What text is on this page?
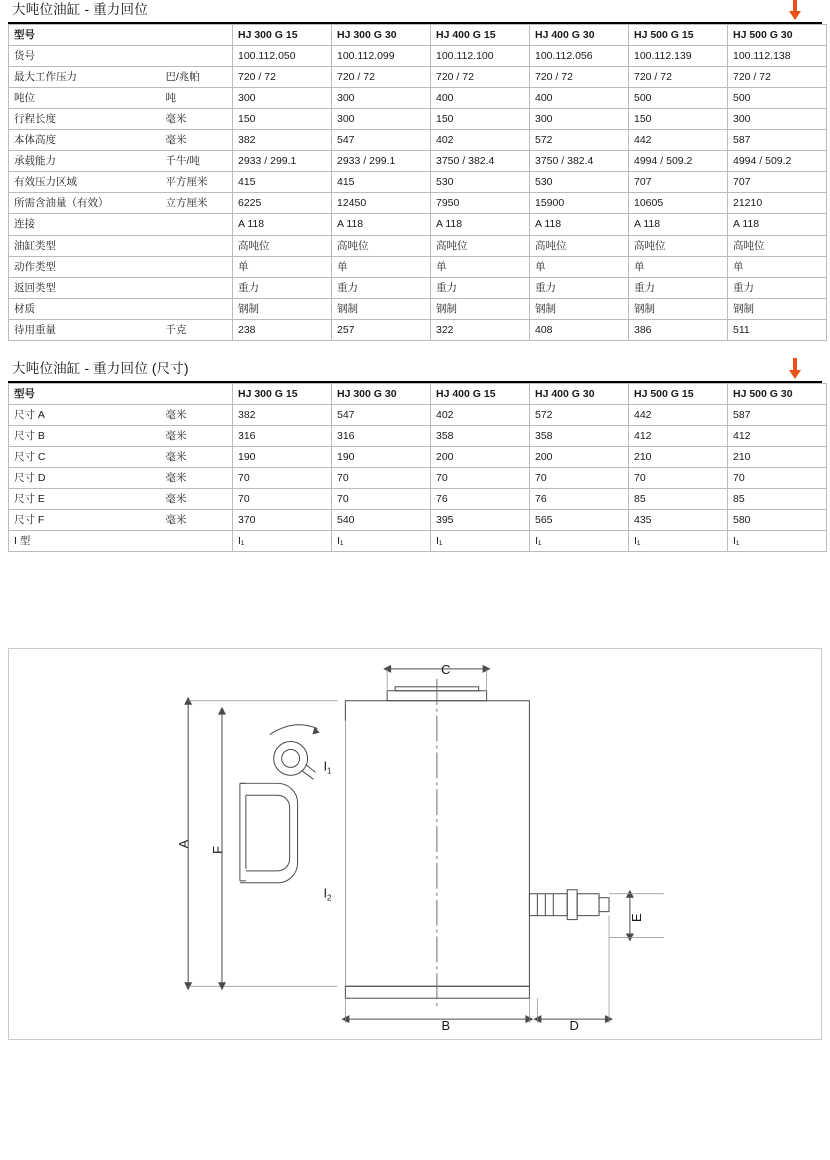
大吨位油缸 - 重力回位
型号		HJ 300 G 15	HJ 300 G 30	HJ 400 G 15	HJ 400 G 30	HJ 500 G 15	HJ 500 G 30
货号		100.112.050	100.112.099	100.112.100	100.112.056	100.112.139	100.112.138
最大工作压力	巴/兆帕	720 / 72	720 / 72	720 / 72	720 / 72	720 / 72	720 / 72
吨位	吨	300	300	400	400	500	500
行程长度	毫米	150	300	150	300	150	300
本体高度	毫米	382	547	402	572	442	587
承载能力	千牛/吨	2933 / 299.1	2933 / 299.1	3750 / 382.4	3750 / 382.4	4994 / 509.2	4994 / 509.2
有效压力区域	平方厘米	415	415	530	530	707	707
所需含油量（有效）	立方厘米	6225	12450	7950	15900	10605	21210
连接		A 118	A 118	A 118	A 118	A 118	A 118
油缸类型		高吨位	高吨位	高吨位	高吨位	高吨位	高吨位
动作类型		单	单	单	单	单	单
返回类型		重力	重力	重力	重力	重力	重力
材质		钢制	钢制	钢制	钢制	钢制	钢制
待用重量	千克	238	257	322	408	386	511
大吨位油缸 - 重力回位 (尺寸)
型号		HJ 300 G 15	HJ 300 G 30	HJ 400 G 15	HJ 400 G 30	HJ 500 G 15	HJ 500 G 30
尺寸 A	毫米	382	547	402	572	442	587
尺寸 B	毫米	316	316	358	358	412	412
尺寸 C	毫米	190	190	200	200	210	210
尺寸 D	毫米	70	70	70	70	70	70
尺寸 E	毫米	70	70	76	76	85	85
尺寸 F	毫米	370	540	395	565	435	580
I 型		I₁	I₁	I₁	I₁	I₁	I₁
C
B	D
A
F
E
$I_1$
$I_2$
